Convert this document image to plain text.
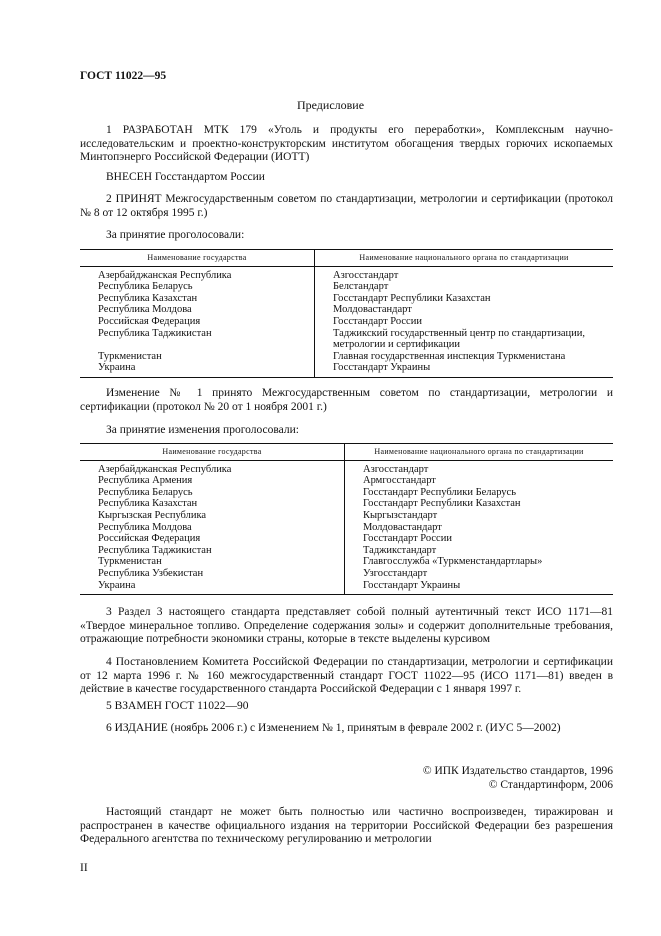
ГОСТ 11022—95
Предисловие
1 РАЗРАБОТАН МТК 179 «Уголь и продукты его переработки», Комплексным научно-исследовательским и проектно-конструкторским институтом обогащения твердых горючих ископаемых Минтопэнерго Российской Федерации (ИОТТ)
ВНЕСЕН Госстандартом России
2 ПРИНЯТ Межгосударственным советом по стандартизации, метрологии и сертификации (протокол № 8 от 12 октября 1995 г.)
За принятие проголосовали:
Наименование государства	Наименование национального органа по стандартизации
Азербайджанская Республика	Азгосстандарт
Республика Беларусь	Белстандарт
Республика Казахстан	Госстандарт Республики Казахстан
Республика Молдова	Молдовастандарт
Российская Федерация	Госстандарт России
Республика Таджикистан	Таджикский государственный центр по стандартизации, метрологии и сертификации
Туркменистан	Главная государственная инспекция Туркменистана
Украина	Госстандарт Украины
Изменение № 1 принято Межгосударственным советом по стандартизации, метрологии и сертификации (протокол № 20 от 1 ноября 2001 г.)
За принятие изменения проголосовали:
Наименование государства	Наименование национального органа по стандартизации
Азербайджанская Республика	Азгосстандарт
Республика Армения	Армгосстандарт
Республика Беларусь	Госстандарт Республики Беларусь
Республика Казахстан	Госстандарт Республики Казахстан
Кыргызская Республика	Кыргызстандарт
Республика Молдова	Молдовастандарт
Российская Федерация	Госстандарт России
Республика Таджикистан	Таджикстандарт
Туркменистан	Главгосслужба «Туркменстандартлары»
Республика Узбекистан	Узгосстандарт
Украина	Госстандарт Украины
3 Раздел 3 настоящего стандарта представляет собой полный аутентичный текст ИСО 1171—81 «Твердое минеральное топливо. Определение содержания золы» и содержит дополнительные требования, отражающие потребности экономики страны, которые в тексте выделены курсивом
4 Постановлением Комитета Российской Федерации по стандартизации, метрологии и сертификации от 12 марта 1996 г. № 160 межгосударственный стандарт ГОСТ 11022—95 (ИСО 1171—81) введен в действие в качестве государственного стандарта Российской Федерации с 1 января 1997 г.
5 ВЗАМЕН ГОСТ 11022—90
6 ИЗДАНИЕ (ноябрь 2006 г.) с Изменением № 1, принятым в феврале 2002 г. (ИУС 5—2002)
© ИПК Издательство стандартов, 1996
© Стандартинформ, 2006
Настоящий стандарт не может быть полностью или частично воспроизведен, тиражирован и распространен в качестве официального издания на территории Российской Федерации без разрешения Федерального агентства по техническому регулированию и метрологии
II
